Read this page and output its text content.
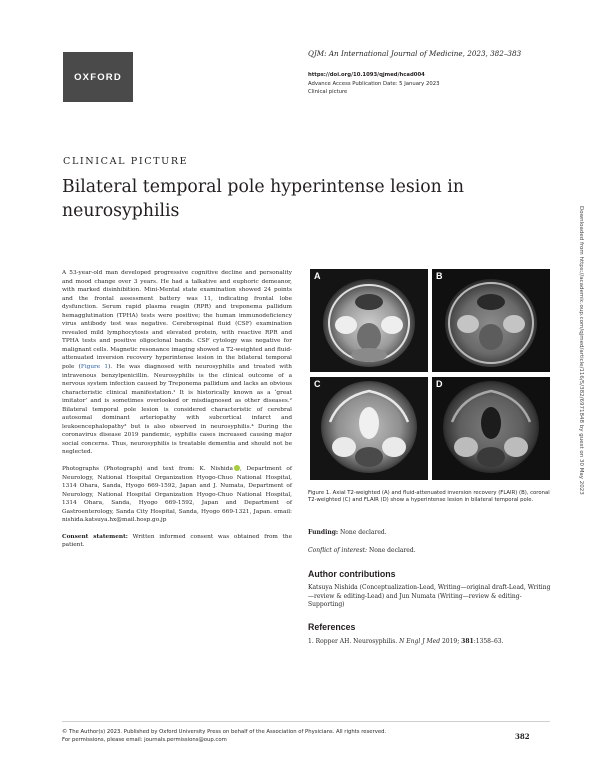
OXFORD
QJM: An International Journal of Medicine, 2023, 382–383
https://doi.org/10.1093/qjmed/hcad004
Advance Access Publication Date: 5 January 2023
Clinical picture
CLINICAL PICTURE
Bilateral temporal pole hyperintense lesion in neurosyphilis	Downloaded from https://academic.oup.com/qjmed/article/116/5/382/6971848 by guest on 30 May 2023

A 53-year-old man developed progressive cognitive decline and personality and mood change over 3 years. He had a talkative and euphoric demeanor, with marked disinhibition. Mini-Mental state examination showed 24 points and the frontal assessment battery was 11, indicating frontal lobe dysfunction. Serum rapid plasma reagin (RPR) and treponema pallidum hemagglutination (TPHA) tests were positive; the human immunodeficiency virus antibody test was negative. Cerebrospinal fluid (CSF) examination revealed mild lymphocytosis and elevated protein, with reactive RPR and TPHA tests and positive oligoclonal bands. CSF cytology was negative for malignant cells. Magnetic resonance imaging showed a T2-weighted and fluid-attenuated inversion recovery hyperintense lesion in the bilateral temporal pole (Figure 1). He was diagnosed with neurosyphilis and treated with intravenous benzylpenicillin. Neurosyphilis is the clinical outcome of a nervous system infection caused by Treponema pallidum and lacks an obvious characteristic clinical manifestation.¹ It is historically known as a ‘great imitator’ and is sometimes overlooked or misdiagnosed as other diseases.² Bilateral temporal pole lesion is considered characteristic of cerebral autosomal dominant arteriopathy with subcortical infarct and leukoencephalopathy³ but is also observed in neurosyphilis.⁴ During the coronavirus disease 2019 pandemic, syphilis cases increased causing major social concerns. Thus, neurosyphilis is treatable dementia and should not be neglected.

Photographs (Photograph) and text from: K. Nishida , Department of Neurology, National Hospital Organization Hyogo-Chuo National Hospital, 1314 Ohara, Sanda, Hyogo 669-1592, Japan and J. Numata, Department of Neurology, National Hospital Organization Hyogo-Chuo National Hospital, 1314 Ohara, Sanda, Hyogo 669-1592, Japan and Department of Gastroenterology, Sanda City Hospital, Sanda, Hyogo 669-1321, Japan. email: nishida.katsuya.hx@mail.hosp.go.jp

Consent statement: Written informed consent was obtained from the patient.

A	B
C	D
Figure 1. Axial T2-weighted (A) and fluid-attenuated inversion recovery (FLAIR) (B), coronal T2-weighted (C) and FLAIR (D) show a hyperintense lesion in bilateral temporal pole.
Funding: None declared.
Conflict of interest: None declared.
Author contributions
Katsuya Nishida (Conceptualization-Lead, Writing—original draft-Lead, Writing—review & editing-Lead) and Jun Numata (Writing—review & editing-Supporting)
References
1. Ropper AH. Neurosyphilis. N Engl J Med 2019; 381:1358–63.
© The Author(s) 2023. Published by Oxford University Press on behalf of the Association of Physicians. All rights reserved.
For permissions, please email: journals.permissions@oup.com	382
